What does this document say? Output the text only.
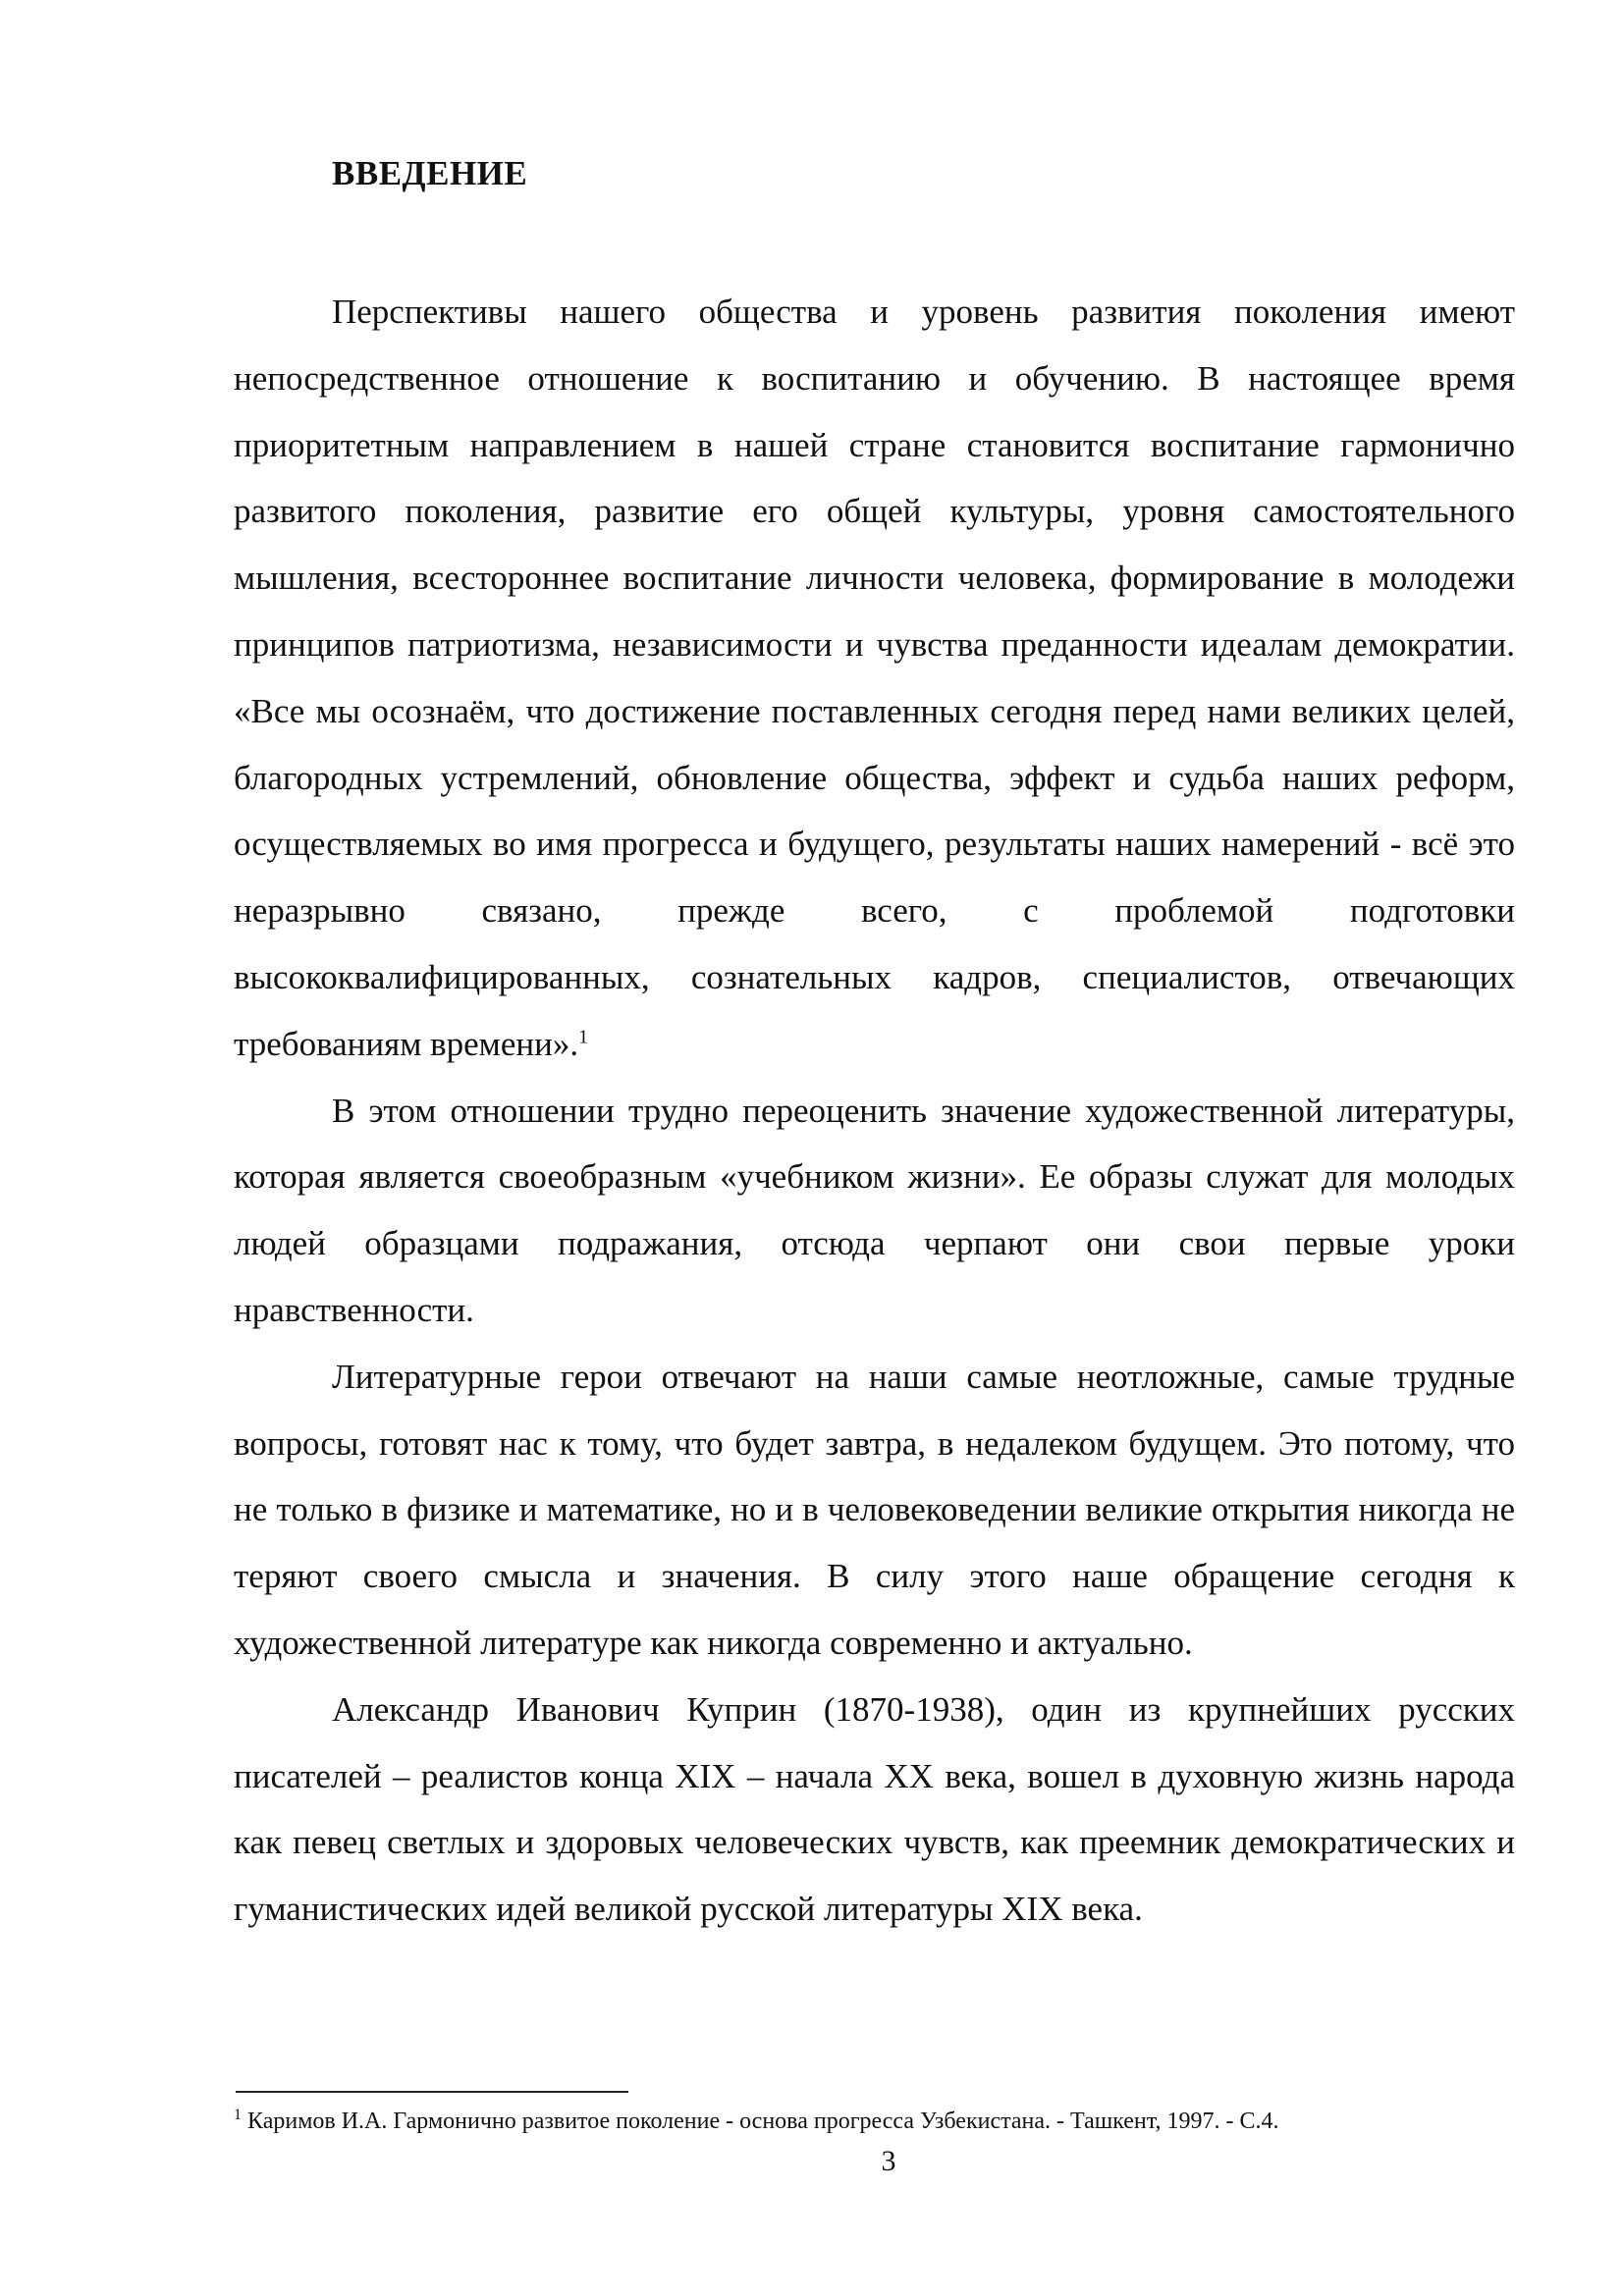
ВВЕДЕНИЕ

Перспективы нашего общества и уровень развития поколения имеют непосредственное отношение к воспитанию и обучению. В настоящее время приоритетным направлением в нашей стране становится воспитание гармонично развитого поколения, развитие его общей культуры, уровня самостоятельного мышления, всестороннее воспитание личности человека, формирование в молодежи принципов патриотизма, независимости и чувства преданности идеалам демократии. «Все мы осознаём, что достижение поставленных сегодня перед нами великих целей, благородных устремлений, обновление общества, эффект и судьба наших реформ, осуществляемых во имя прогресса и будущего, результаты наших намерений - всё это неразрывно связано, прежде всего, с проблемой подготовки высококвалифицированных, сознательных кадров, специалистов, отвечающих требованиям времени».$^1$

В этом отношении трудно переоценить значение художественной литературы, которая является своеобразным «учебником жизни». Ее образы служат для молодых людей образцами подражания, отсюда черпают они свои первые уроки нравственности.

Литературные герои отвечают на наши самые неотложные, самые трудные вопросы, готовят нас к тому, что будет завтра, в недалеком будущем. Это потому, что не только в физике и математике, но и в человековедении великие открытия никогда не теряют своего смысла и значения. В силу этого наше обращение сегодня к художественной литературе как никогда современно и актуально.

Александр Иванович Куприн (1870-1938), один из крупнейших русских писателей – реалистов конца XIX – начала XX века, вошел в духовную жизнь народа как певец светлых и здоровых человеческих чувств, как преемник демократических и гуманистических идей великой русской литературы XIX века.

$^1$ Каримов И.А. Гармонично развитое поколение - основа прогресса Узбекистана. - Ташкент, 1997. - С.4.
3
